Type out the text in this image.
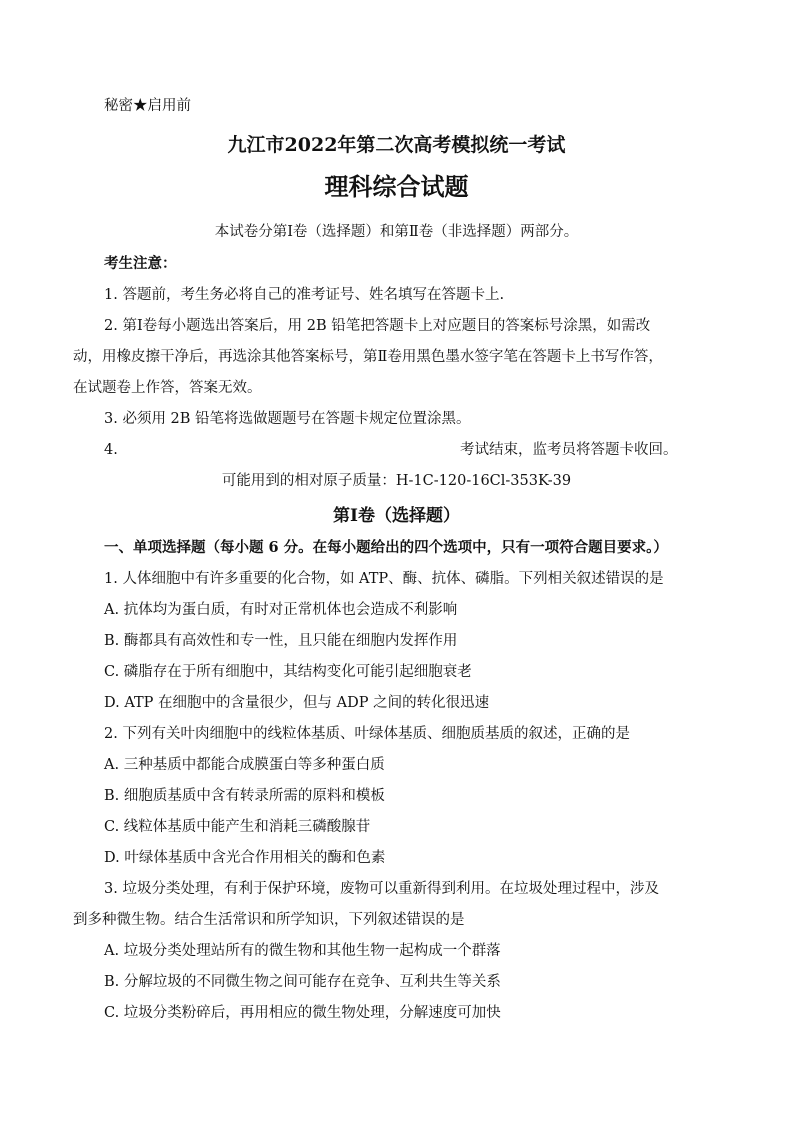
秘密★启用前
九江市2022年第二次高考模拟统一考试
理科综合试题
本试卷分第Ⅰ卷（选择题）和第Ⅱ卷（非选择题）两部分。
考生注意：
1. 答题前，考生务必将自己的准考证号、姓名填写在答题卡上.
2. 第Ⅰ卷每小题选出答案后，用 2B 铅笔把答题卡上对应题目的答案标号涂黑，如需改
动，用橡皮擦干净后，再选涂其他答案标号，第Ⅱ卷用黑色墨水签字笔在答题卡上书写作答，
在试题卷上作答，答案无效。
3. 必须用 2B 铅笔将选做题题号在答题卡规定位置涂黑。
4.	考试结束，监考员将答题卡收回。
可能用到的相对原子质量：H-1C-120-16Cl-353K-39
第Ⅰ卷（选择题）
一、单项选择题（每小题 6 分。在每小题给出的四个选项中，只有一项符合题目要求。）
1. 人体细胞中有许多重要的化合物，如 ATP、酶、抗体、磷脂。下列相关叙述错误的是
A. 抗体均为蛋白质，有时对正常机体也会造成不利影响
B. 酶都具有高效性和专一性，且只能在细胞内发挥作用
C. 磷脂存在于所有细胞中，其结构变化可能引起细胞衰老
D. ATP 在细胞中的含量很少，但与 ADP 之间的转化很迅速
2. 下列有关叶肉细胞中的线粒体基质、叶绿体基质、细胞质基质的叙述，正确的是
A. 三种基质中都能合成膜蛋白等多种蛋白质
B. 细胞质基质中含有转录所需的原料和模板
C. 线粒体基质中能产生和消耗三磷酸腺苷
D. 叶绿体基质中含光合作用相关的酶和色素
3. 垃圾分类处理，有利于保护环境，废物可以重新得到利用。在垃圾处理过程中，涉及
到多种微生物。结合生活常识和所学知识，下列叙述错误的是
A. 垃圾分类处理站所有的微生物和其他生物一起构成一个群落
B. 分解垃圾的不同微生物之间可能存在竞争、互利共生等关系
C. 垃圾分类粉碎后，再用相应的微生物处理，分解速度可加快
